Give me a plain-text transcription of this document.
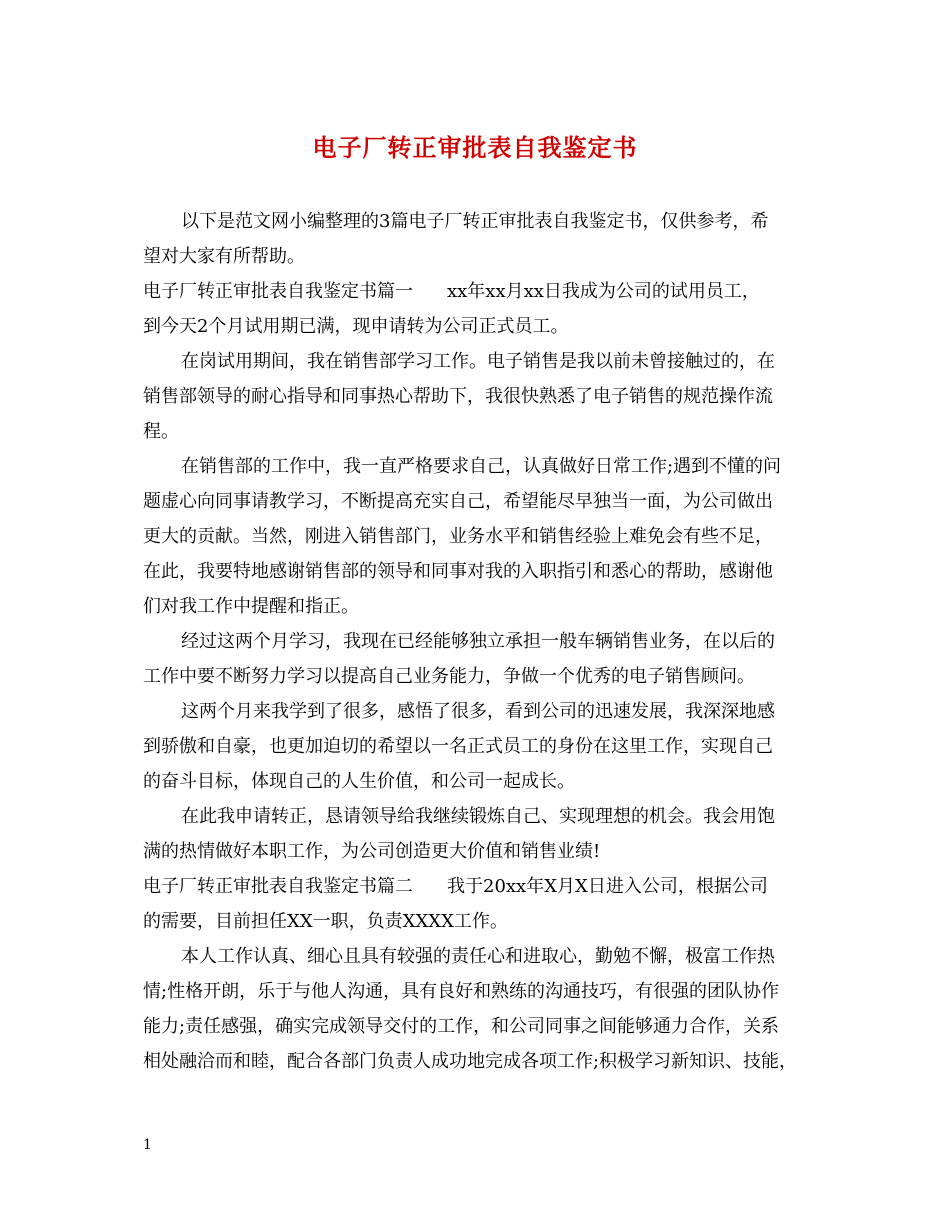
电子厂转正审批表自我鉴定书

以下是范文网小编整理的3篇电子厂转正审批表自我鉴定书，仅供参考，希

望对大家有所帮助。

电子厂转正审批表自我鉴定书篇一 xx年xx月xx日我成为公司的试用员工，

到今天2个月试用期已满，现申请转为公司正式员工。

在岗试用期间，我在销售部学习工作。电子销售是我以前未曾接触过的，在

销售部领导的耐心指导和同事热心帮助下，我很快熟悉了电子销售的规范操作流

程。

在销售部的工作中，我一直严格要求自己，认真做好日常工作;遇到不懂的问

题虚心向同事请教学习，不断提高充实自己，希望能尽早独当一面，为公司做出

更大的贡献。当然，刚进入销售部门，业务水平和销售经验上难免会有些不足，

在此，我要特地感谢销售部的领导和同事对我的入职指引和悉心的帮助，感谢他

们对我工作中提醒和指正。

经过这两个月学习，我现在已经能够独立承担一般车辆销售业务，在以后的

工作中要不断努力学习以提高自己业务能力，争做一个优秀的电子销售顾问。

这两个月来我学到了很多，感悟了很多，看到公司的迅速发展，我深深地感

到骄傲和自豪，也更加迫切的希望以一名正式员工的身份在这里工作，实现自己

的奋斗目标，体现自己的人生价值，和公司一起成长。

在此我申请转正，恳请领导给我继续锻炼自己、实现理想的机会。我会用饱

满的热情做好本职工作，为公司创造更大价值和销售业绩!

电子厂转正审批表自我鉴定书篇二 我于20xx年X月X日进入公司，根据公司

的需要，目前担任XX一职，负责XXXX工作。

本人工作认真、细心且具有较强的责任心和进取心，勤勉不懈，极富工作热

情;性格开朗，乐于与他人沟通，具有良好和熟练的沟通技巧，有很强的团队协作

能力;责任感强，确实完成领导交付的工作，和公司同事之间能够通力合作，关系

相处融洽而和睦，配合各部门负责人成功地完成各项工作;积极学习新知识、技能，

1
